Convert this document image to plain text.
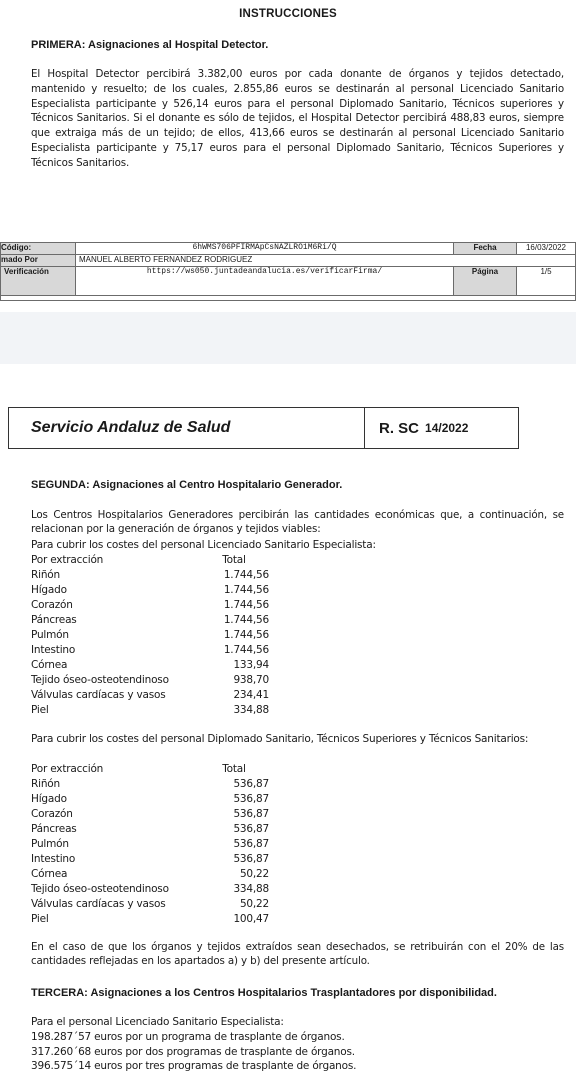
INSTRUCCIONES
PRIMERA: Asignaciones al Hospital Detector.
El Hospital Detector percibirá 3.382,00 euros por cada donante de órganos y tejidos detectado, mantenido y resuelto; de los cuales, 2.855,86 euros se destinarán al personal Licenciado Sanitario Especialista participante y 526,14 euros para el personal Diplomado Sanitario, Técnicos superiores y Técnicos Sanitarios. Si el donante es sólo de tejidos, el Hospital Detector percibirá 488,83 euros, siempre que extraiga más de un tejido; de ellos, 413,66 euros se destinarán al personal Licenciado Sanitario Especialista participante y 75,17 euros para el personal Diplomado Sanitario, Técnicos Superiores y Técnicos Sanitarios.
Código:	6hWMS706PFIRMApCsNAZLRO1M6Ri/Q	Fecha	16/03/2022
mado Por	MANUEL ALBERTO FERNANDEZ RODRIGUEZ		
Verificación	https://ws050.juntadeandalucia.es/verificarFirma/	Página	1/5

Servicio Andaluz de Salud	R. SC 14/2022
SEGUNDA: Asignaciones al Centro Hospitalario Generador.
Los Centros Hospitalarios Generadores percibirán las cantidades económicas que, a continuación, se relacionan por la generación de órganos y tejidos viables:
Para cubrir los costes del personal Licenciado Sanitario Especialista:
Por extracción	Total
Riñón	1.744,56
Hígado	1.744,56
Corazón	1.744,56
Páncreas	1.744,56
Pulmón	1.744,56
Intestino	1.744,56
Córnea	133,94
Tejido óseo-osteotendinoso	938,70
Válvulas cardíacas y vasos	234,41
Piel	334,88
Para cubrir los costes del personal Diplomado Sanitario, Técnicos Superiores y Técnicos Sanitarios:
Por extracción	Total
Riñón	536,87
Hígado	536,87
Corazón	536,87
Páncreas	536,87
Pulmón	536,87
Intestino	536,87
Córnea	50,22
Tejido óseo-osteotendinoso	334,88
Válvulas cardíacas y vasos	50,22
Piel	100,47
En el caso de que los órganos y tejidos extraídos sean desechados, se retribuirán con el 20% de las cantidades reflejadas en los apartados a) y b) del presente artículo.
TERCERA: Asignaciones a los Centros Hospitalarios Trasplantadores por disponibilidad.
Para el personal Licenciado Sanitario Especialista:
198.287´57 euros por un programa de trasplante de órganos.
317.260´68 euros por dos programas de trasplante de órganos.
396.575´14 euros por tres programas de trasplante de órganos.
